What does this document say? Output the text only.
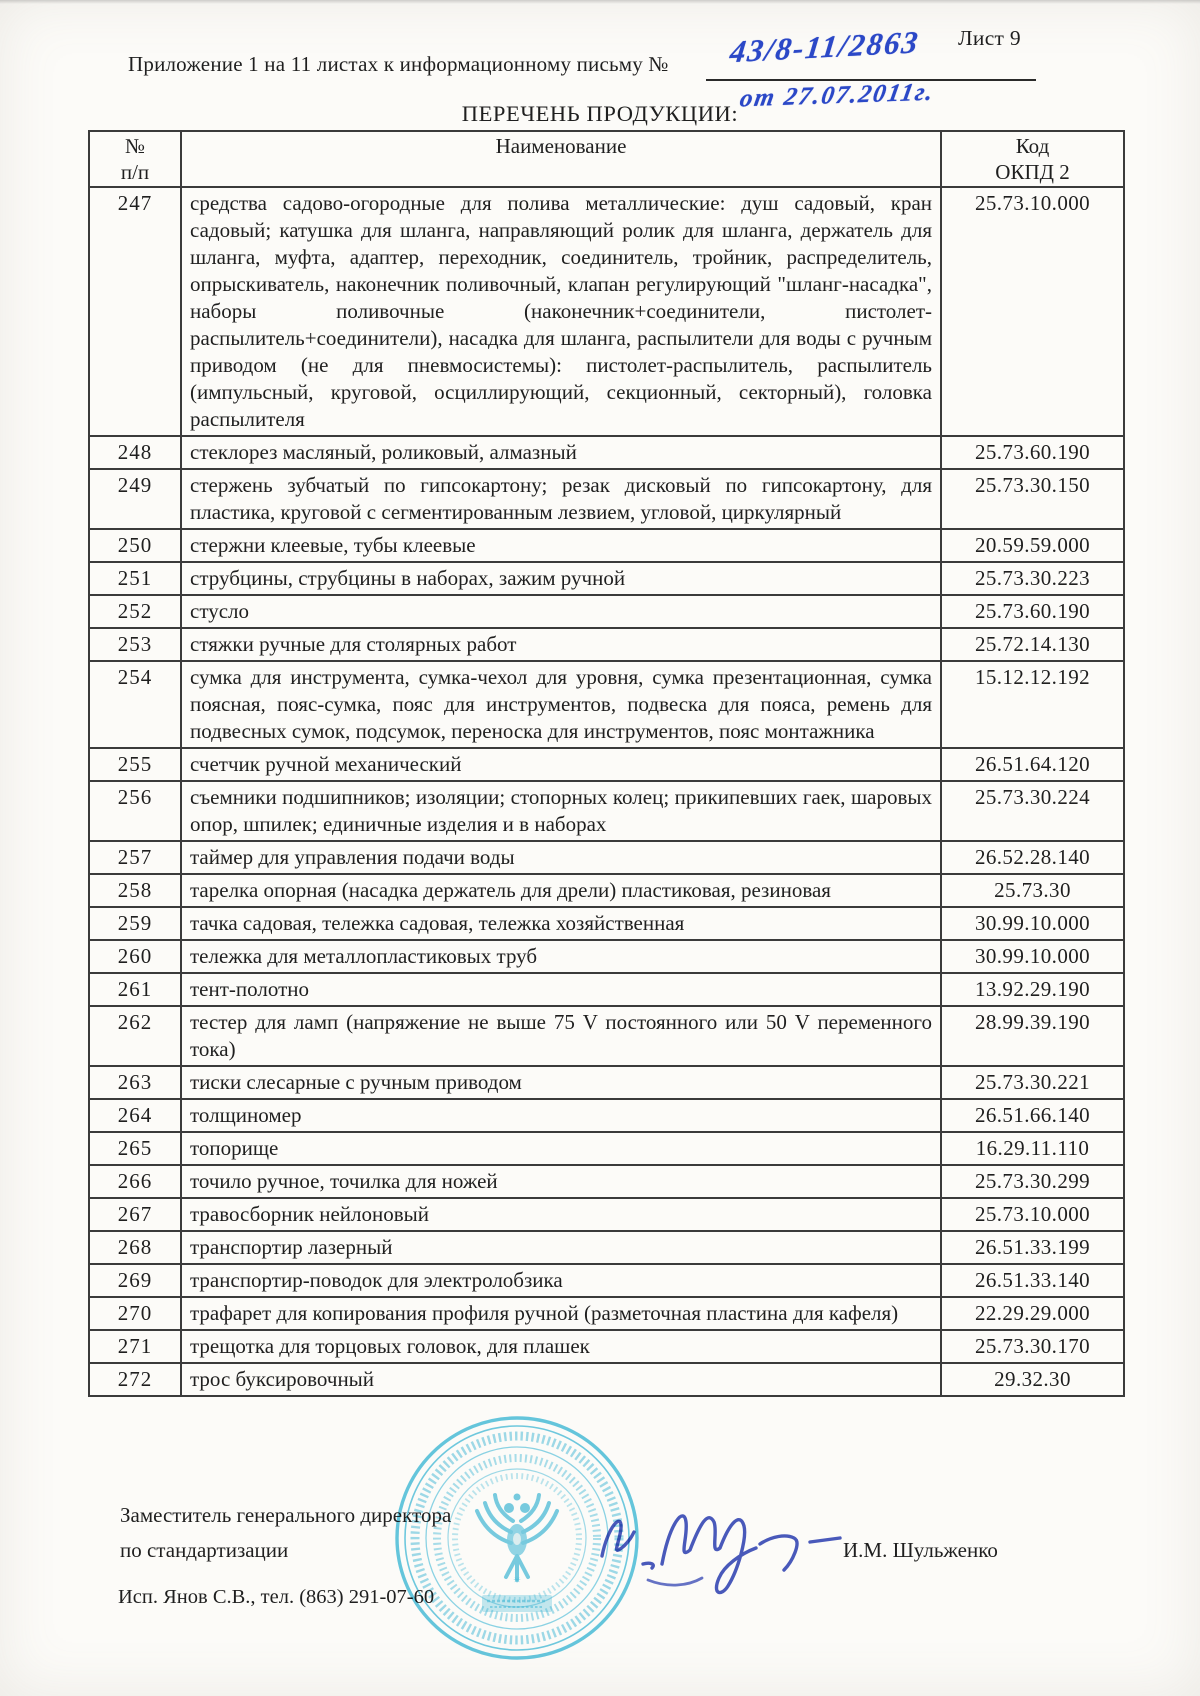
Лист 9
Приложение 1 на 11 листах к информационному письму № 43/8-11/2863
от 27.07.2011г.
ПЕРЕЧЕНЬ ПРОДУКЦИИ:
№
п/п	Наименование	Код
ОКПД 2
247	средства садово-огородные для полива металлические: душ садовый, кран садовый; катушка для шланга, направляющий ролик для шланга, держатель для шланга, муфта, адаптер, переходник, соединитель, тройник, распределитель, опрыскиватель, наконечник поливочный, клапан регулирующий "шланг-насадка", наборы поливочные (наконечник+соединители, пистолет-распылитель+соединители), насадка для шланга, распылители для воды с ручным приводом (не для пневмосистемы): пистолет-распылитель, распылитель (импульсный, круговой, осциллирующий, секционный, секторный), головка распылителя	25.73.10.000
248	стеклорез масляный, роликовый, алмазный	25.73.60.190
249	стержень зубчатый по гипсокартону; резак дисковый по гипсокартону, для пластика, круговой с сегментированным лезвием, угловой, циркулярный	25.73.30.150
250	стержни клеевые, тубы клеевые	20.59.59.000
251	струбцины, струбцины в наборах, зажим ручной	25.73.30.223
252	стусло	25.73.60.190
253	стяжки ручные для столярных работ	25.72.14.130
254	сумка для инструмента, сумка-чехол для уровня, сумка презентационная, сумка поясная, пояс-сумка, пояс для инструментов, подвеска для пояса, ремень для подвесных сумок, подсумок, переноска для инструментов, пояс монтажника	15.12.12.192
255	счетчик ручной механический	26.51.64.120
256	съемники подшипников; изоляции; стопорных колец; прикипевших гаек, шаровых опор, шпилек; единичные изделия и в наборах	25.73.30.224
257	таймер для управления подачи воды	26.52.28.140
258	тарелка опорная (насадка держатель для дрели) пластиковая, резиновая	25.73.30
259	тачка садовая, тележка садовая, тележка хозяйственная	30.99.10.000
260	тележка для металлопластиковых труб	30.99.10.000
261	тент-полотно	13.92.29.190
262	тестер для ламп (напряжение не выше 75 V постоянного или 50 V переменного тока)	28.99.39.190
263	тиски слесарные с ручным приводом	25.73.30.221
264	толщиномер	26.51.66.140
265	топорище	16.29.11.110
266	точило ручное, точилка для ножей	25.73.30.299
267	травосборник нейлоновый	25.73.10.000
268	транспортир лазерный	26.51.33.199
269	транспортир-поводок для электролобзика	26.51.33.140
270	трафарет для копирования профиля ручной (разметочная пластина для кафеля)	22.29.29.000
271	трещотка для торцовых головок, для плашек	25.73.30.170
272	трос буксировочный	29.32.30
Заместитель генерального директора
по стандартизации	И.М. Шульженко
Исп. Янов С.В., тел. (863) 291-07-60
✳
